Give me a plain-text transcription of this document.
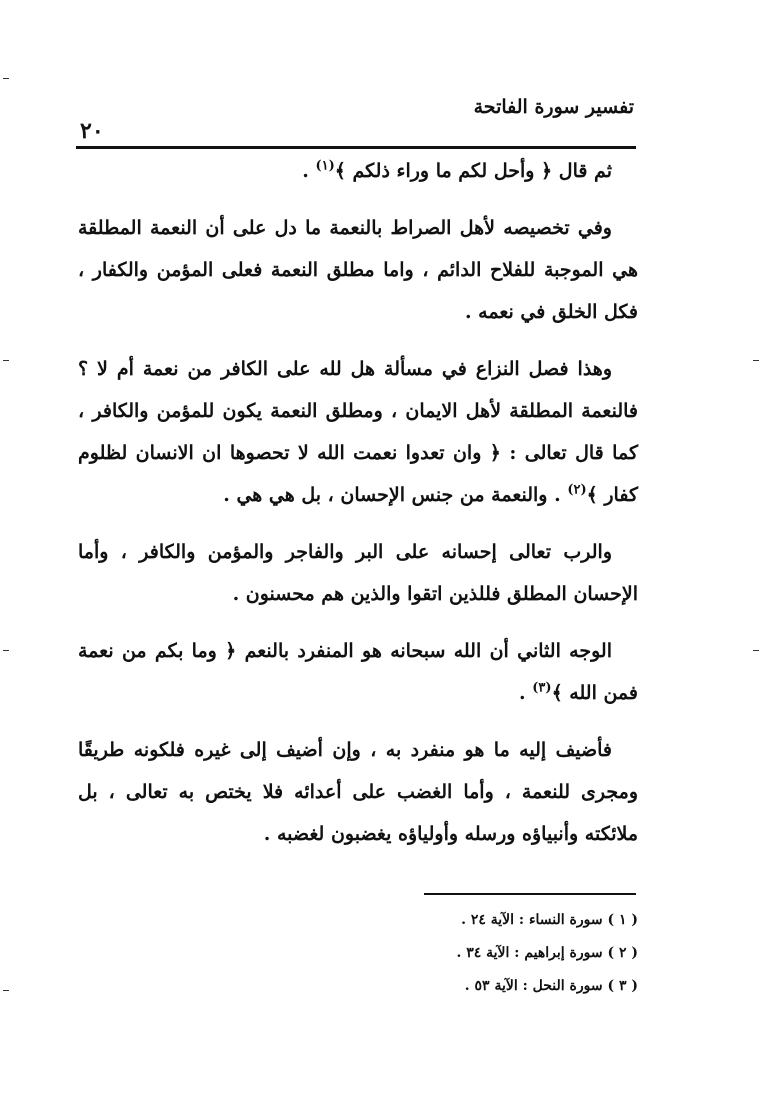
تفسير سورة الفاتحة
٢٠

ثم قال ﴿ وأحل لكم ما وراء ذلكم ﴾$^{(١)}$ .

وفي تخصيصه لأهل الصراط بالنعمة ما دل على أن النعمة المطلقة هي الموجبة للفلاح الدائم ، واما مطلق النعمة فعلى المؤمن والكفار ، فكل الخلق في نعمه .

وهذا فصل النزاع في مسألة هل لله على الكافر من نعمة أم لا ؟ فالنعمة المطلقة لأهل الايمان ، ومطلق النعمة يكون للمؤمن والكافر ، كما قال تعالى : ﴿ وان تعدوا نعمت الله لا تحصوها ان الانسان لظلوم كفار ﴾$^{(٢)}$ . والنعمة من جنس الإحسان ، بل هي هي .

والرب تعالى إحسانه على البر والفاجر والمؤمن والكافر ، وأما الإحسان المطلق فللذين اتقوا والذين هم محسنون .

الوجه الثاني أن الله سبحانه هو المنفرد بالنعم ﴿ وما بكم من نعمة فمن الله ﴾$^{(٣)}$ .

فأضيف إليه ما هو منفرد به ، وإن أضيف إلى غيره فلكونه طريقًا ومجرى للنعمة ، وأما الغضب على أعدائه فلا يختص به تعالى ، بل ملائكته وأنبياؤه ورسله وأولياؤه يغضبون لغضبه .

( ١ ) سورة النساء : الآية ٢٤ .
( ٢ ) سورة إبراهيم : الآية ٣٤ .
( ٣ ) سورة النحل : الآية ٥٣ .
